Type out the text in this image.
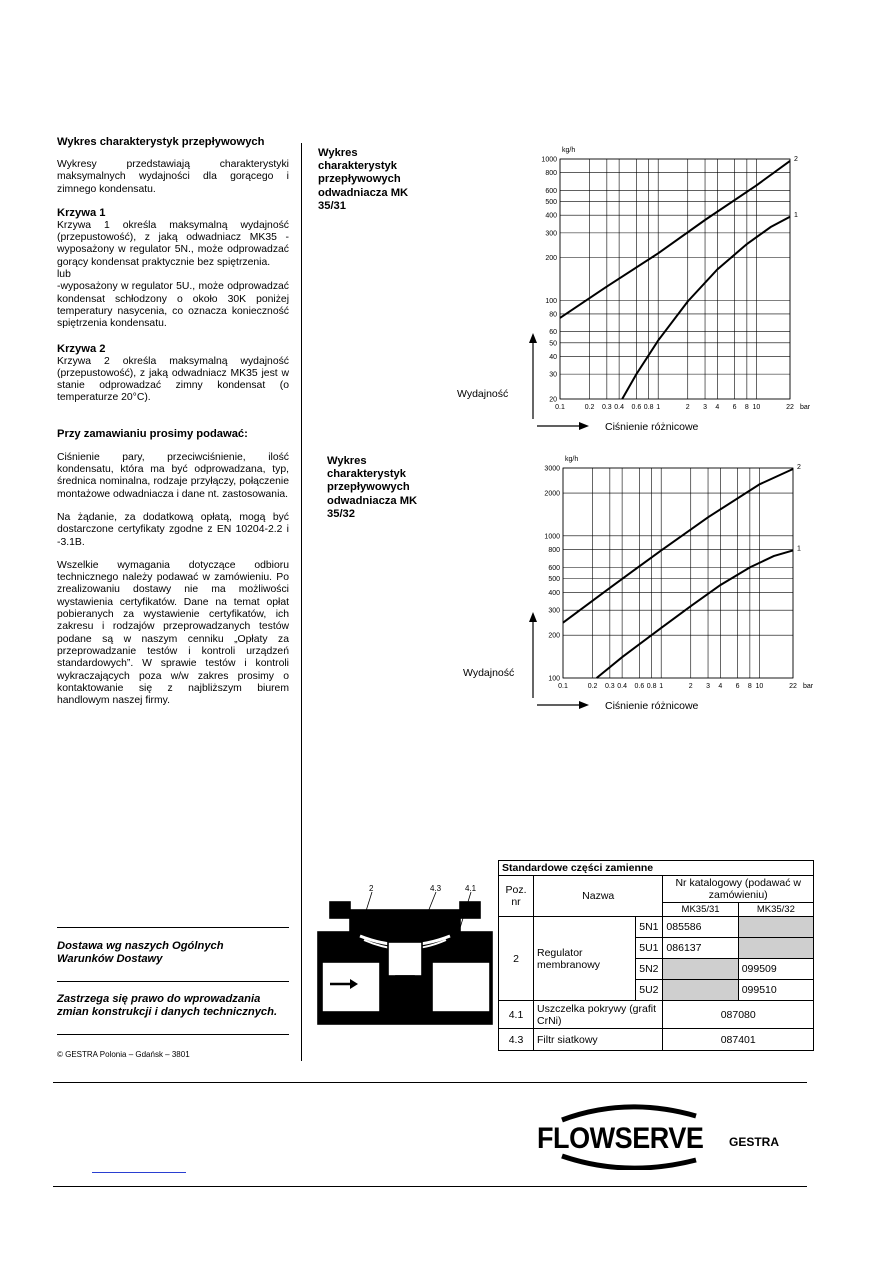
Wykres charakterystyk przepływowych

Wykresy przedstawiają charakterystyki maksymalnych wydajności dla gorącego i zimnego kondensatu.

Krzywa 1

Krzywa 1 określa maksymalną wydajność (przepustowość), z jaką odwadniacz MK35 -wyposażony w regulator 5N., może odprowadzać gorący kondensat praktycznie bez spiętrzenia.

lub

-wyposażony w regulator 5U., może odprowadzać kondensat schłodzony o około 30K poniżej temperatury nasycenia, co oznacza konieczność spiętrzenia kondensatu.

Krzywa 2

Krzywa 2 określa maksymalną wydajność (przepustowość), z jaką odwadniacz MK35 jest w stanie odprowadzać zimny kondensat (o temperaturze 20°C).

Przy zamawianiu prosimy podawać:

Ciśnienie pary, przeciwciśnienie, ilość kondensatu, która ma być odprowadzana, typ, średnica nominalna, rodzaje przyłączy, połączenie montażowe odwadniacza i dane nt. zastosowania.

Na żądanie, za dodatkową opłatą, mogą być dostarczone certyfikaty zgodne z EN 10204-2.2 i -3.1B.

Wszelkie wymagania dotyczące odbioru technicznego należy podawać w zamówieniu. Po zrealizowaniu dostawy nie ma możliwości wystawienia certyfikatów. Dane na temat opłat pobieranych za wystawienie certyfikatów, ich zakresu i rodzajów przeprowadzanych testów podane są w naszym cenniku „Opłaty za przeprowadzanie testów i kontroli urządzeń standardowych”. W sprawie testów i kontroli wykraczających poza w/w zakres prosimy o kontaktowanie się z najbliższym biurem handlowym naszej firmy.

Dostawa wg naszych Ogólnych Warunków Dostawy
Zastrzega się prawo do wprowadzania zmian konstrukcji i danych technicznych.
© GESTRA Polonia – Gdańsk – 3801
Wykres charakterystyk przepływowych odwadniacza MK 35/31
0.1	0.2 0.3 0.4 0.6 0.8 1	2 3 4 6 8 10	22
20
30
40
50
60
80
100
200
300
400
500
600
800
1000
1
2
kg/h
bar
Wydajność
Ciśnienie różnicowe
Wykres charakterystyk przepływowych odwadniacza MK 35/32
0.1	0.2 0.3 0.4 0.6 0.8 1	2 3 4 6 8 10	22
100
200
300
400
500
600
800
1000
2000
3000
1
2
kg/h
bar
Wydajność
Ciśnienie różnicowe
2	4.3	4.1
Standardowe części zamienne				
Poz. nr	Nazwa		Nr katalogowy (podawać w zamówieniu)	
			MK35/31	MK35/32
2	Regulator membranowy	5N1	085586	
		5U1	086137	
		5N2		099509
		5U2		099510
4.1	Uszczelka pokrywy (grafit CrNi)		087080	
4.3	Filtr siatkowy		087401	
FLOWSERVE GESTRA
